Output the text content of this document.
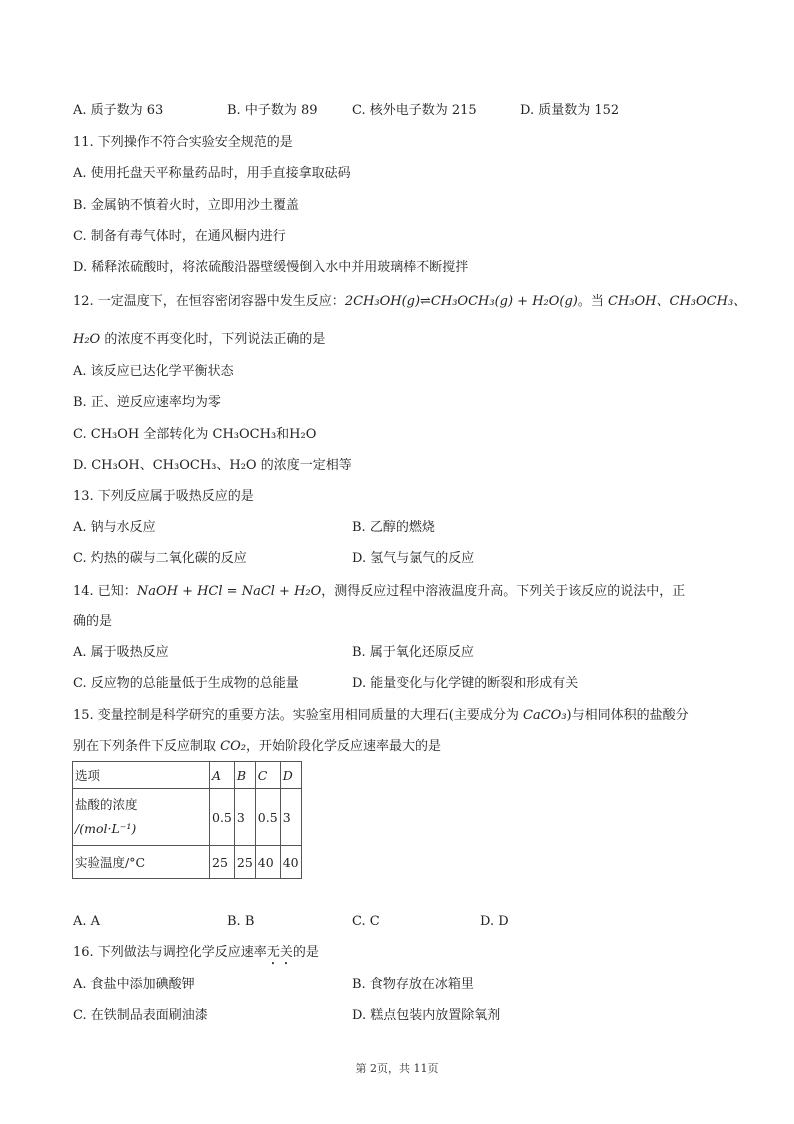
A. 质子数为 63	B. 中子数为 89	C. 核外电子数为 215	D. 质量数为 152
11. 下列操作不符合实验安全规范的是
A. 使用托盘天平称量药品时，用手直接拿取砝码
B. 金属钠不慎着火时，立即用沙土覆盖
C. 制备有毒气体时，在通风橱内进行
D. 稀释浓硫酸时，将浓硫酸沿器壁缓慢倒入水中并用玻璃棒不断搅拌
12. 一定温度下，在恒容密闭容器中发生反应：2CH₃OH(g)⇌CH₃OCH₃(g) + H₂O(g)。当 CH₃OH、CH₃OCH₃、
H₂O 的浓度不再变化时，下列说法正确的是
A. 该反应已达化学平衡状态
B. 正、逆反应速率均为零
C. CH₃OH 全部转化为 CH₃OCH₃和H₂O
D. CH₃OH、CH₃OCH₃、H₂O 的浓度一定相等
13. 下列反应属于吸热反应的是
A. 钠与水反应	B. 乙醇的燃烧
C. 灼热的碳与二氧化碳的反应	D. 氢气与氯气的反应
14. 已知：NaOH + HCl = NaCl + H₂O，测得反应过程中溶液温度升高。下列关于该反应的说法中，正
确的是
A. 属于吸热反应	B. 属于氧化还原反应
C. 反应物的总能量低于生成物的总能量	D. 能量变化与化学键的断裂和形成有关
15. 变量控制是科学研究的重要方法。实验室用相同质量的大理石(主要成分为 CaCO₃)与相同体积的盐酸分
别在下列条件下反应制取 CO₂，开始阶段化学反应速率最大的是
选项	A	B	C	D

盐酸的浓度
/(mol·L⁻¹)	0.5	3	0.5	3
实验温度/°C	25	25	40	40
A. A	B. B	C. C	D. D
16. 下列做法与调控化学反应速率无关的是
A. 食盐中添加碘酸钾	B. 食物存放在冰箱里
C. 在铁制品表面刷油漆	D. 糕点包装内放置除氧剂
第 2页，共 11页
